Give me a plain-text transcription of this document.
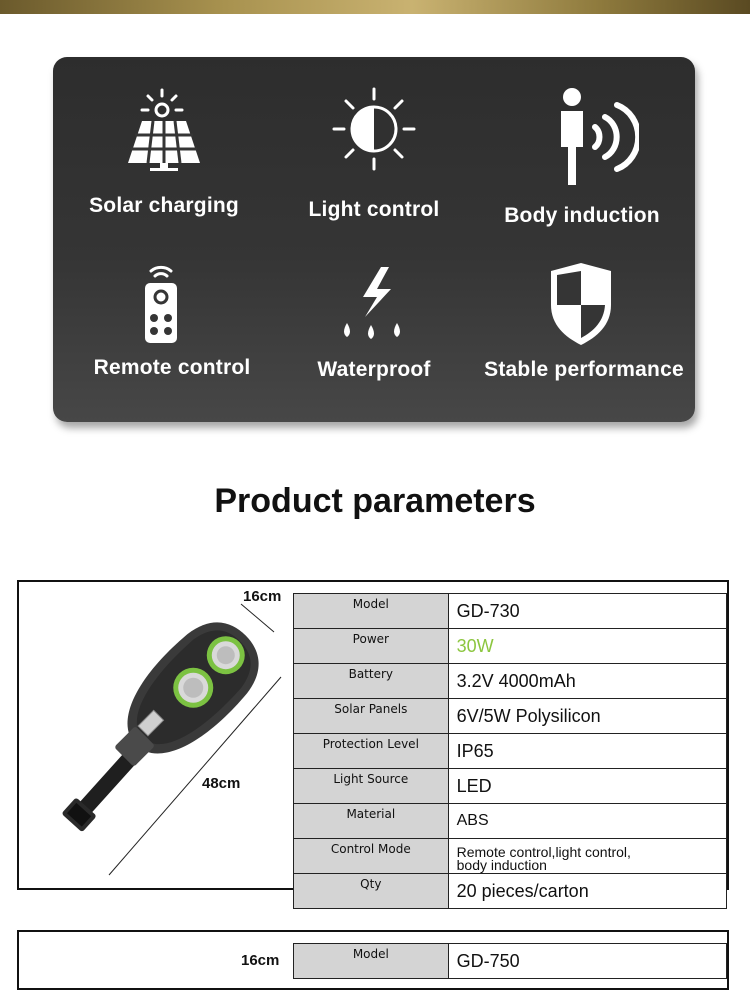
Solar charging	Light control	Body induction
Remote control	Waterproof	Stable performance
Product parameters
16cm
48cm
Model	GD-730
Power	30W
Battery	3.2V 4000mAh
Solar Panels	6V/5W Polysilicon
Protection Level	IP65
Light Source	LED
Material	ABS
Control Mode	Remote control,light control,
body induction
Qty	20 pieces/carton
16cm	Model	GD-750
